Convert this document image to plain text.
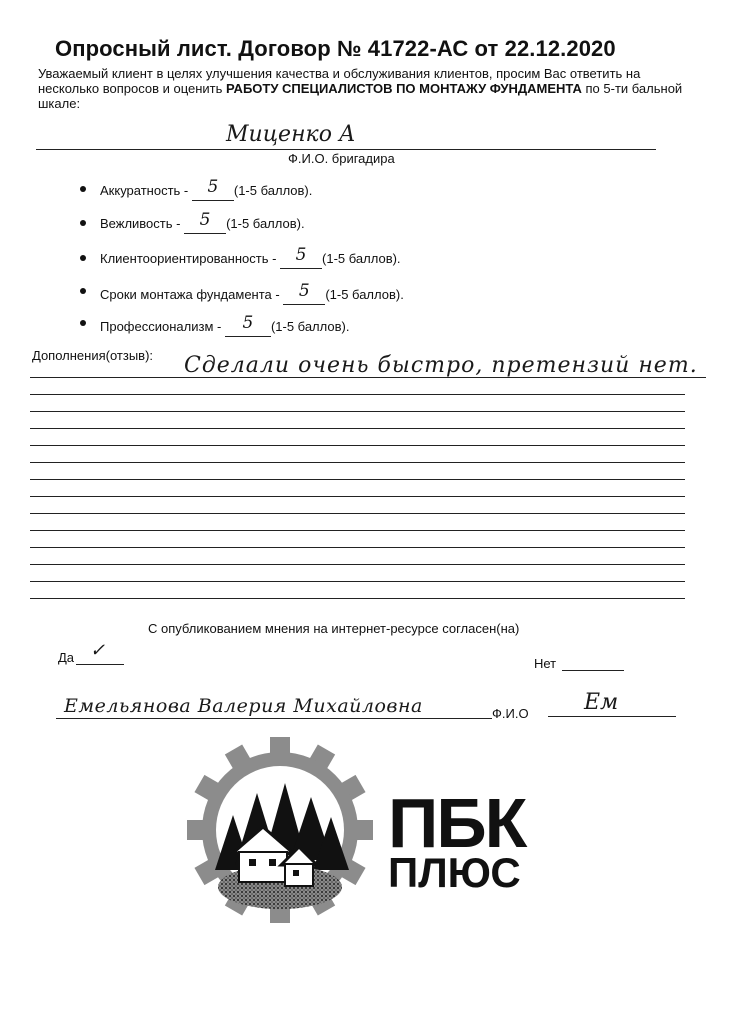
Опросный лист. Договор № 41722-АС от 22.12.2020
Уважаемый клиент в целях улучшения качества и обслуживания клиентов, просим Вас ответить на несколько вопросов и оценить РАБОТУ СПЕЦИАЛИСТОВ ПО МОНТАЖУ ФУНДАМЕНТА по 5-ти бальной шкале:
Миценко А
Ф.И.О. бригадира
Аккуратность - 5 (1-5 баллов).
Вежливость - 5 (1-5 баллов).
Клиентоориентированность - 5 (1-5 баллов).
Сроки монтажа фундамента - 5 (1-5 баллов).
Профессионализм - 5 (1-5 баллов).
Дополнения(отзыв): Сделали очень быстро, претензий нет.
С опубликованием мнения на интернет-ресурсе согласен(на)
Да ✓
Нет
Емельянова Валерия Михайловна	Ф.И.О	Ем
ПБК
ПЛЮС
